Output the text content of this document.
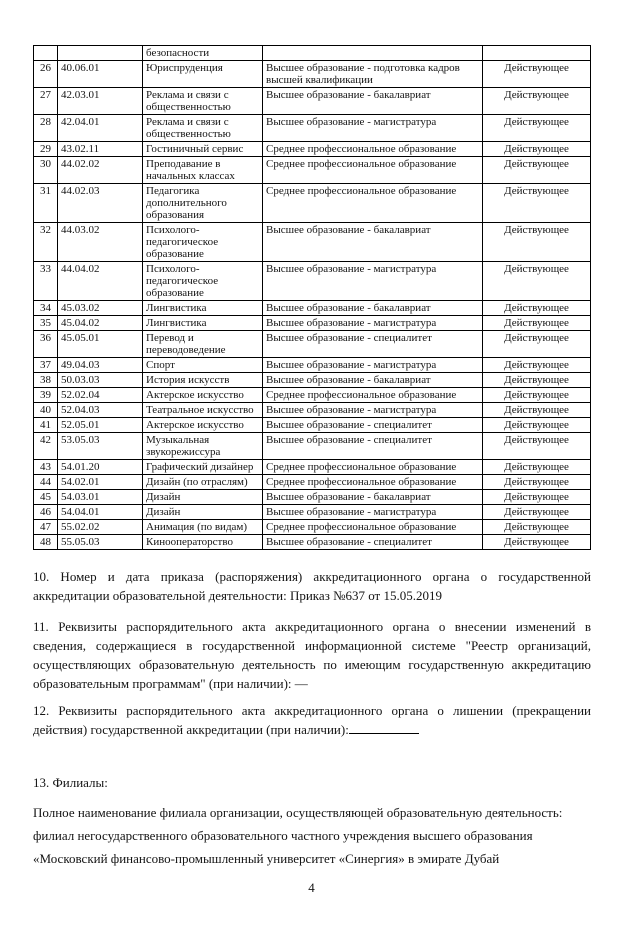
		безопасности		
26	40.06.01	Юриспруденция	Высшее образование - подготовка кадров высшей квалификации	Действующее
27	42.03.01	Реклама и связи с общественностью	Высшее образование - бакалавриат	Действующее
28	42.04.01	Реклама и связи с общественностью	Высшее образование - магистратура	Действующее
29	43.02.11	Гостиничный сервис	Среднее профессиональное образование	Действующее
30	44.02.02	Преподавание в начальных классах	Среднее профессиональное образование	Действующее
31	44.02.03	Педагогика дополнительного образования	Среднее профессиональное образование	Действующее
32	44.03.02	Психолого-педагогическое образование	Высшее образование - бакалавриат	Действующее
33	44.04.02	Психолого-педагогическое образование	Высшее образование - магистратура	Действующее
34	45.03.02	Лингвистика	Высшее образование - бакалавриат	Действующее
35	45.04.02	Лингвистика	Высшее образование - магистратура	Действующее
36	45.05.01	Перевод и переводоведение	Высшее образование - специалитет	Действующее
37	49.04.03	Спорт	Высшее образование - магистратура	Действующее
38	50.03.03	История искусств	Высшее образование - бакалавриат	Действующее
39	52.02.04	Актерское искусство	Среднее профессиональное образование	Действующее
40	52.04.03	Театральное искусство	Высшее образование - магистратура	Действующее
41	52.05.01	Актерское искусство	Высшее образование - специалитет	Действующее
42	53.05.03	Музыкальная звукорежиссура	Высшее образование - специалитет	Действующее
43	54.01.20	Графический дизайнер	Среднее профессиональное образование	Действующее
44	54.02.01	Дизайн (по отраслям)	Среднее профессиональное образование	Действующее
45	54.03.01	Дизайн	Высшее образование - бакалавриат	Действующее
46	54.04.01	Дизайн	Высшее образование - магистратура	Действующее
47	55.02.02	Анимация (по видам)	Среднее профессиональное образование	Действующее
48	55.05.03	Кинооператорство	Высшее образование - специалитет	Действующее

10. Номер и дата приказа (распоряжения) аккредитационного органа о государственной аккредитации образовательной деятельности: Приказ №637 от 15.05.2019

11. Реквизиты распорядительного акта аккредитационного органа о внесении изменений в сведения, содержащиеся в государственной информационной системе "Реестр организаций, осуществляющих образовательную деятельность по имеющим государственную аккредитацию образовательным программам" (при наличии): —

12. Реквизиты распорядительного акта аккредитационного органа о лишении (прекращении действия) государственной аккредитации (при наличии):

13. Филиалы:

Полное наименование филиала организации, осуществляющей образовательную деятельность: филиал негосударственного образовательного частного учреждения высшего образования «Московский финансово-промышленный университет «Синергия» в эмирате Дубай

4
